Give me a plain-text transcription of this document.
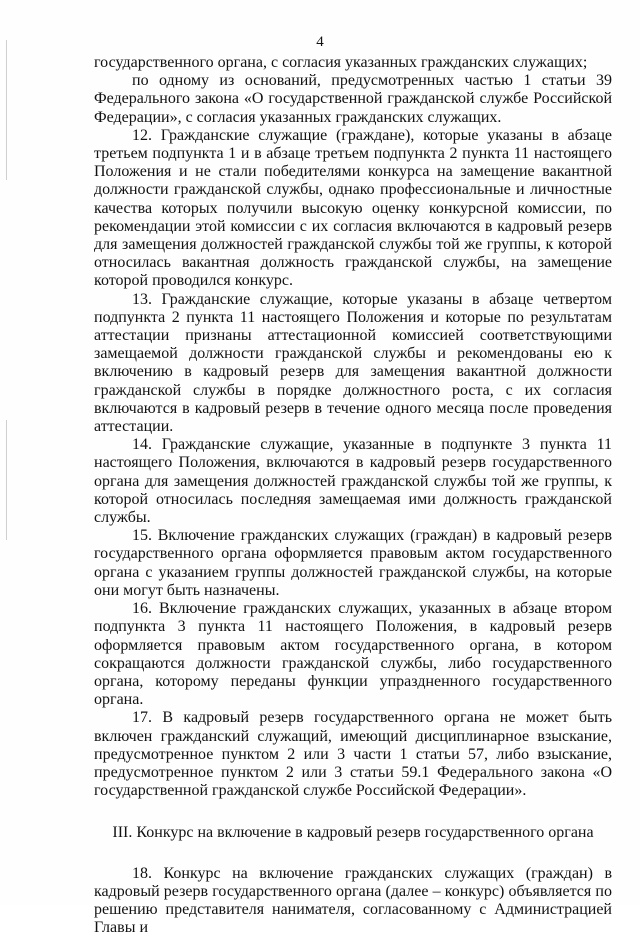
4

государственного органа, с согласия указанных гражданских служащих;

по одному из оснований, предусмотренных частью 1 статьи 39 Федерального закона «О государственной гражданской службе Российской Федерации», с согласия указанных гражданских служащих.

12. Гражданские служащие (граждане), которые указаны в абзаце третьем подпункта 1 и в абзаце третьем подпункта 2 пункта 11 настоящего Положения и не стали победителями конкурса на замещение вакантной должности гражданской службы, однако профессиональные и личностные качества которых получили высокую оценку конкурсной комиссии, по рекомендации этой комиссии с их согласия включаются в кадровый резерв для замещения должностей гражданской службы той же группы, к которой относилась вакантная должность гражданской службы, на замещение которой проводился конкурс.

13. Гражданские служащие, которые указаны в абзаце четвертом подпункта 2 пункта 11 настоящего Положения и которые по результатам аттестации признаны аттестационной комиссией соответствующими замещаемой должности гражданской службы и рекомендованы ею к включению в кадровый резерв для замещения вакантной должности гражданской службы в порядке должностного роста, с их согласия включаются в кадровый резерв в течение одного месяца после проведения аттестации.

14. Гражданские служащие, указанные в подпункте 3 пункта 11 настоящего Положения, включаются в кадровый резерв государственного органа для замещения должностей гражданской службы той же группы, к которой относилась последняя замещаемая ими должность гражданской службы.

15. Включение гражданских служащих (граждан) в кадровый резерв государственного органа оформляется правовым актом государственного органа с указанием группы должностей гражданской службы, на которые они могут быть назначены.

16. Включение гражданских служащих, указанных в абзаце втором подпункта 3 пункта 11 настоящего Положения, в кадровый резерв оформляется правовым актом государственного органа, в котором сокращаются должности гражданской службы, либо государственного органа, которому переданы функции упраздненного государственного органа.

17. В кадровый резерв государственного органа не может быть включен гражданский служащий, имеющий дисциплинарное взыскание, предусмотренное пунктом 2 или 3 части 1 статьи 57, либо взыскание, предусмотренное пунктом 2 или 3 статьи 59.1 Федерального закона «О государственной гражданской службе Российской Федерации».

III. Конкурс на включение в кадровый резерв государственного органа

18. Конкурс на включение гражданских служащих (граждан) в кадровый резерв государственного органа (далее – конкурс) объявляется по решению представителя нанимателя, согласованному с Администрацией Главы и
